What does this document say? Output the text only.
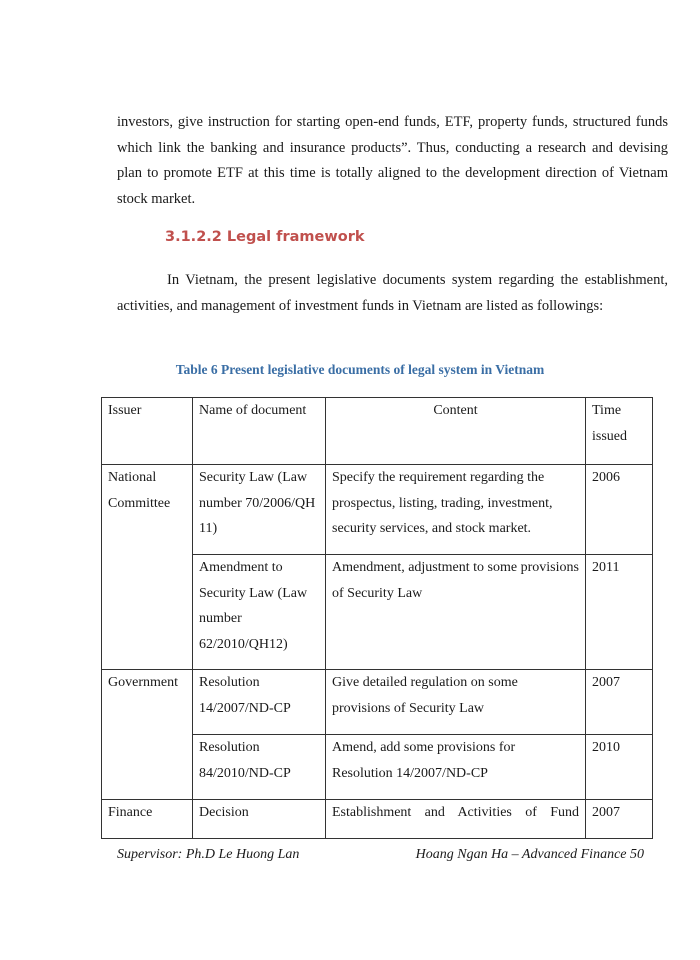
investors, give instruction for starting open-end funds, ETF, property funds, structured funds which link the banking and insurance products”. Thus, conducting a research and devising plan to promote ETF at this time is totally aligned to the development direction of Vietnam stock market.

3.1.2.2 Legal framework

In Vietnam, the present legislative documents system regarding the establishment, activities, and management of investment funds in Vietnam are listed as followings:

Table 6 Present legislative documents of legal system in Vietnam

Issuer	Name of document	Content	Time issued
National Committee	Security Law (Law number 70/2006/QH 11)	Specify the requirement regarding the prospectus, listing, trading, investment, security services, and stock market.	2006
	Amendment to Security Law (Law number 62/2010/QH12)	Amendment, adjustment to some provisions of Security Law	2011
Government	Resolution 14/2007/ND-CP	Give detailed regulation on some provisions of Security Law	2007
	Resolution 84/2010/ND-CP	Amend, add some provisions for Resolution 14/2007/ND-CP	2010
Finance	Decision	Establishment and Activities of Fund	2007

Supervisor: Ph.D Le Huong Lan	Hoang Ngan Ha – Advanced Finance 50
